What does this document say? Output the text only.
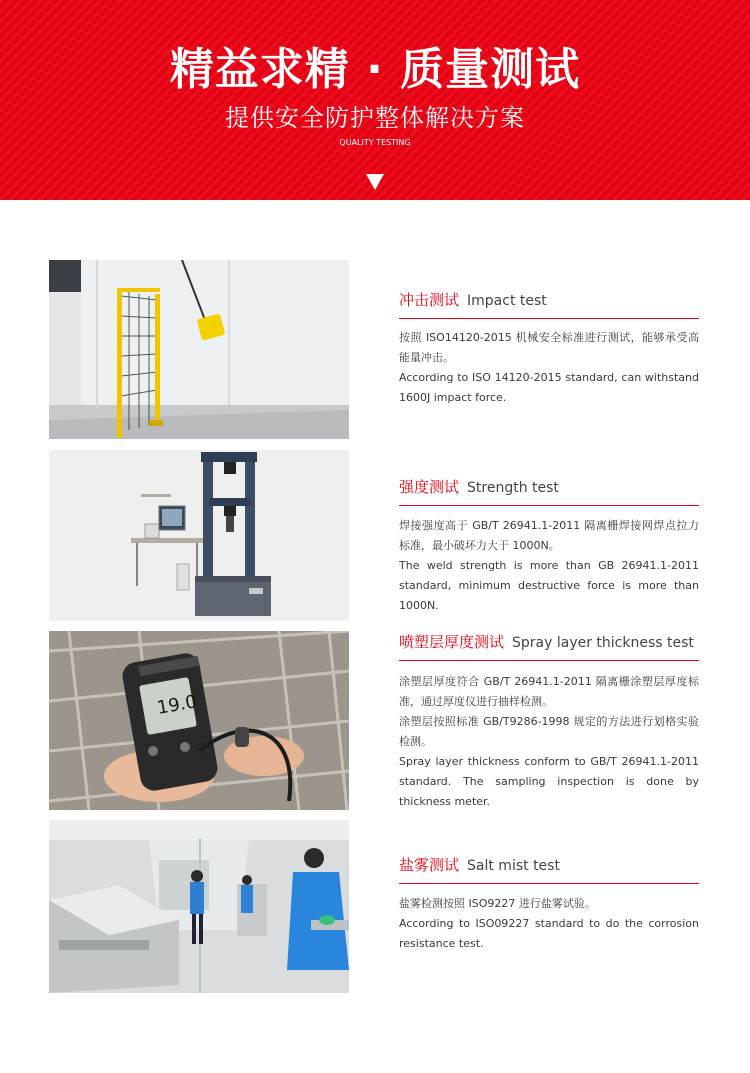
精益求精 · 质量测试
提供安全防护整体解决方案
QUALITY TESTING
冲击测试 Impact test

按照 ISO14120-2015 机械安全标准进行测试，能够承受高能量冲击。

According to ISO 14120-2015 standard, can withstand 1600J impact force.

强度测试 Strength test

焊接强度高于 GB/T 26941.1-2011 隔离栅焊接网焊点拉力标准，最小破坏力大于 1000N。

The weld strength is more than GB 26941.1-2011 standard, minimum destructive force is more than 1000N.

19.0
喷塑层厚度测试 Spray layer thickness test

涂塑层厚度符合 GB/T 26941.1-2011 隔离栅涂塑层厚度标准，通过厚度仪进行抽样检测。

涂塑层按照标准 GB/T9286-1998 规定的方法进行划格实验检测。

Spray layer thickness conform to GB/T 26941.1-2011 standard. The sampling inspection is done by thickness meter.

盐雾测试 Salt mist test

盐雾检测按照 ISO9227 进行盐雾试验。

According to ISO09227 standard to do the corrosion resistance test.
